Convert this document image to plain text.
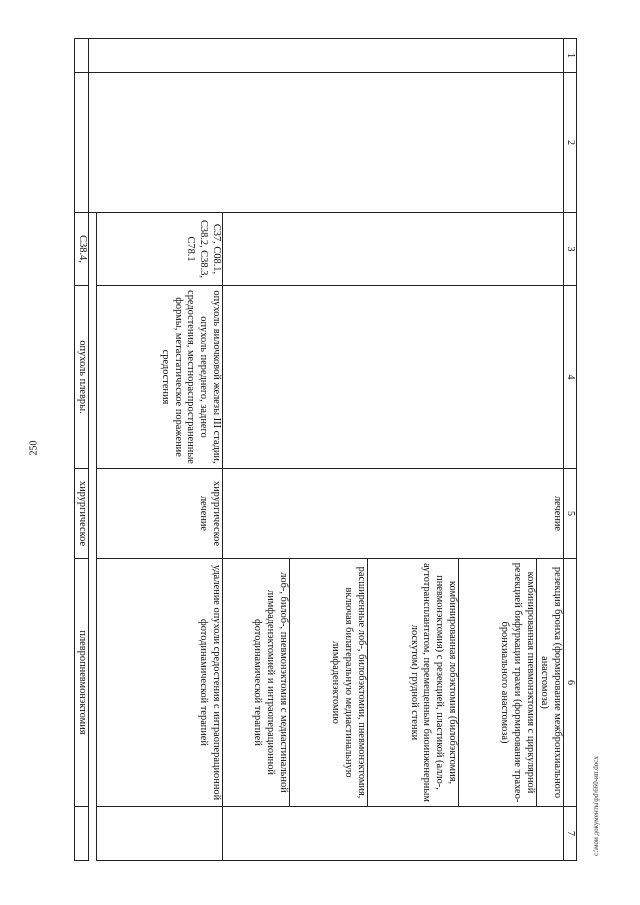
250
c:\мои документы\pd\660-ип.docx
1	2	3	4	5	6	7
				лечение	резекция бронха (формирование межбронхиального анастомоза)
комбинированная пневмонэктомия с циркулярной резекцией бифуркации трахеи (формирование трахео-бронхиального анастомоза)
комбинированная лобэктомия (билобэктомия, пневмонэктомия) с резекцией, пластикой (алло-, аутотрансплантатом, перемещенным биоинженерным лоскутом) грудной стенки
расширенные лоб-, билобэктомии, пневмонэктомия, включая билатеральную медиастинальную лимфаденэктомию
лоб-, билоб-, пневмонэктомия с медиастинальной лимфаденэктомией и интраоперационной фотодинамической терапией	

		C37, C08.1, C38.2, C38.3, C78.1	опухоль вилочковой железы III стадии, опухоль переднего, заднего средостения, местнораспространенные формы, метастатическое поражение средостения	хирургическое лечение	удаление опухоли средостения с интраоперационной фотодинамической терапией	

		C38.4,	опухоль плевры.	хирургическое	плевропневмонэктомия	
